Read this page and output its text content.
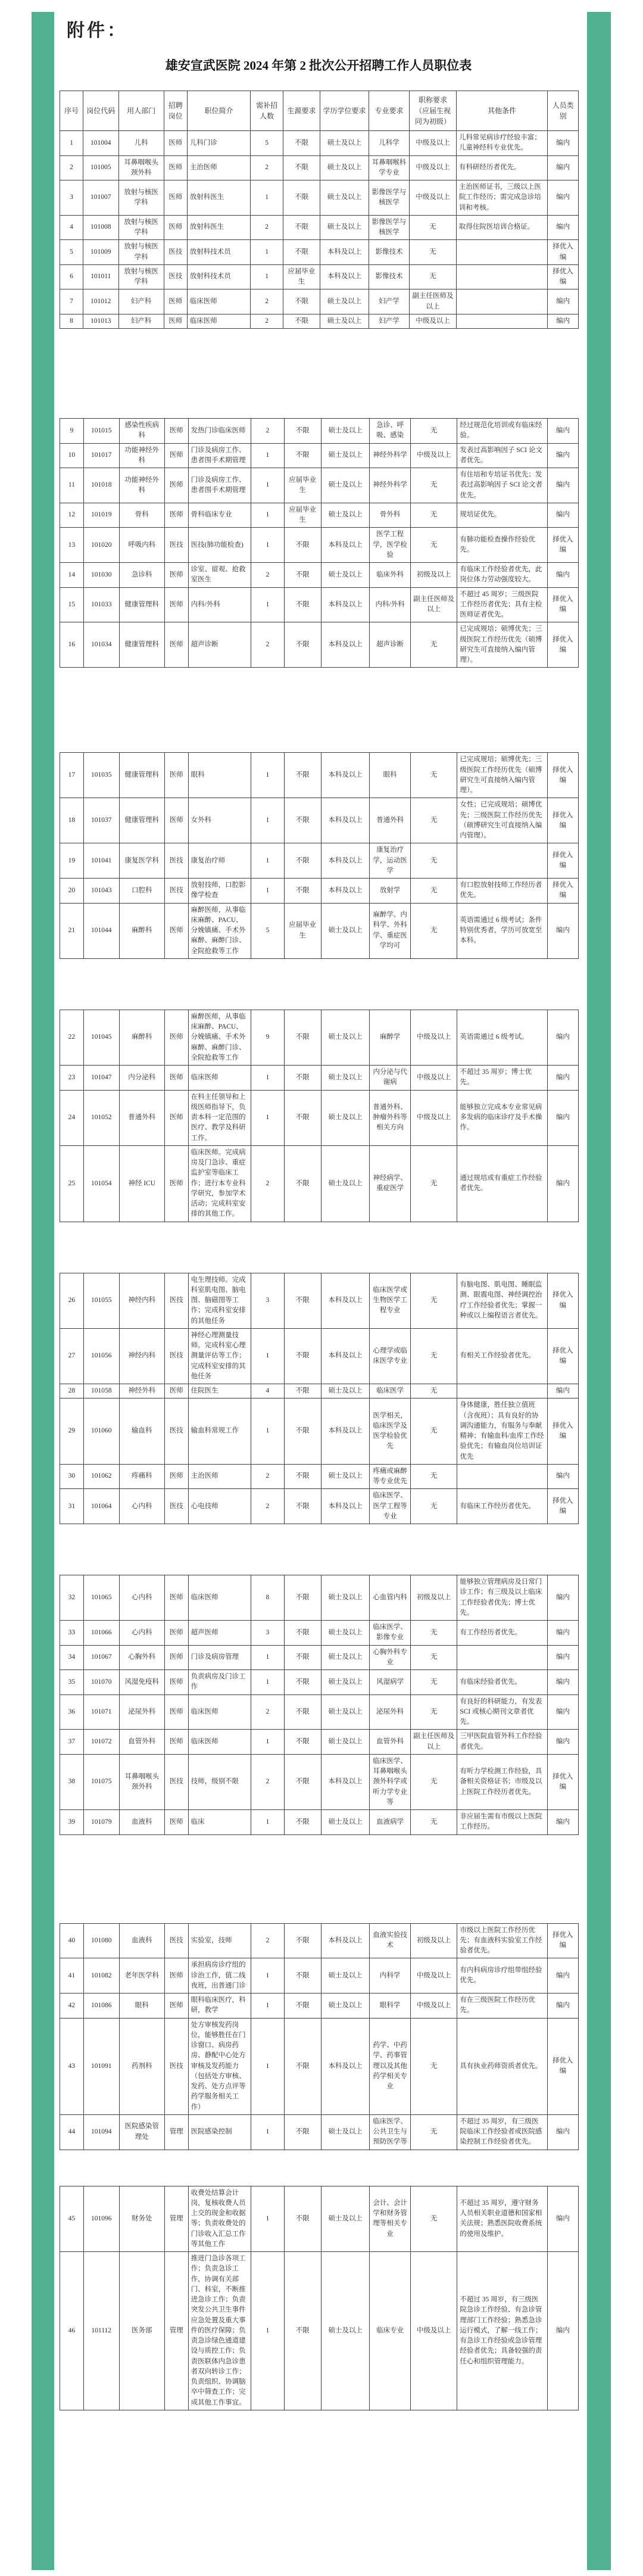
附件：
雄安宣武医院 2024 年第 2 批次公开招聘工作人员职位表
序号	岗位代码	用人部门	招聘岗位	职位简介	需补招人数	生源要求	学历学位要求	专业要求	职称要求（应届生视同为初级）	其他条件	人员类别
1	101004	儿科	医师	儿科门诊	5	不限	硕士及以上	儿科学	中级及以上	儿科常见病诊疗经验丰富；儿童神经科专业优先。	编内
2	101005	耳鼻咽喉头颈外科	医师	主治医师	2	不限	硕士及以上	耳鼻咽喉科学专业	中级及以上	有科研经历者优先。	编内
3	101007	放射与核医学科	医师	放射科医生	1	不限	硕士及以上	影像医学与核医学	中级及以上	主治医师证书，三级以上医院工作经历；需完成急诊培训和考核。	编内
4	101008	放射与核医学科	医师	放射科医生	2	不限	硕士及以上	影像医学与核医学	无	取得住院医培训合格证。	编内
5	101009	放射与核医学科	医技	放射科技术员	1	不限	本科及以上	影像技术	无		择优入编
6	101011	放射与核医学科	医技	放射科技术员	1	应届毕业生	本科及以上	影像技术	无		择优入编
7	101012	妇产科	医师	临床医师	2	不限	硕士及以上	妇产学	副主任医师及以上		编内
8	101013	妇产科	医师	临床医师	2	不限	硕士及以上	妇产学	中级及以上		编内
9	101015	感染性疾病科	医师	发热门诊临床医师	2	不限	硕士及以上	急诊、呼吸、感染	无	经过规范化培训或有临床经验。	编内
10	101017	功能神经外科	医师	门诊及病房工作、患者围手术期管理	1	不限	硕士及以上	神经外科学	中级及以上	发表过高影响因子 SCI 论文者优先。	编内
11	101018	功能神经外科	医师	门诊及病房工作、患者围手术期管理	1	应届毕业生	硕士及以上	神经外科学	无	有住培和专培证书优先；发表过高影响因子 SCI 论文者优先。	编内
12	101019	骨科	医师	骨科临床专业	1	应届毕业生	硕士及以上	骨外科	无	规培证优先。	编内
13	101020	呼吸内科	医技	医技(肺功能检查)	1	不限	本科及以上	医学工程学，医学检验	无	有肺功能检查操作经验优先。	择优入编
14	101030	急诊科	医师	诊室、留观、抢救室医生	2	不限	硕士及以上	临床外科	初级及以上	有临床工作经验者优先，此岗位体力劳动强度较大。	编内
15	101033	健康管理科	医师	内科/外科	1	不限	本科及以上	内科/外科	副主任医师及以上	不超过 45 周岁；三级医院工作经历者优先；具有主检医师证者优先。	择优入编
16	101034	健康管理科	医师	超声诊断	2	不限	本科及以上	超声诊断	无	已完成规培；硕博优先；三级医院工作经历优先（硕博研究生可直接纳入编内管理）。	择优入编
17	101035	健康管理科	医师	眼科	1	不限	本科及以上	眼科	无	已完成规培；硕博优先；三级医院工作经历优先（硕博研究生可直接纳入编内管理）。	择优入编
18	101037	健康管理科	医师	女外科	1	不限	本科及以上	普通外科	无	女性；已完成规培；硕博优先；三级医院工作经历优先（硕博研究生可直接纳入编内管理）。	择优入编
19	101041	康复医学科	医技	康复治疗师	1	不限	本科及以上	康复治疗学，运动医学	无		择优入编
20	101043	口腔科	医技	放射技师，口腔影像学检查	1	不限	本科及以上	放射学	无	有口腔放射技师工作经历者优先。	择优入编
21	101044	麻醉科	医师	麻醉医师，从事临床麻醉、PACU、分娩镇痛、手术外麻醉、麻醉门诊、全院抢救等工作	5	应届毕业生	硕士及以上	麻醉学、内科学、外科学、重症医学均可	无	英语需通过 6 级考试；条件特别优秀者，学历可放宽至本科。	编内
22	101045	麻醉科	医师	麻醉医师，从事临床麻醉、PACU、分娩镇痛、手术外麻醉、麻醉门诊、全院抢救等工作	9	不限	硕士及以上	麻醉学	中级及以上	英语需通过 6 级考试。	编内
23	101047	内分泌科	医师	临床医师	1	不限	硕士及以上	内分泌与代谢病	中级及以上	不超过 35 周岁；博士优先。	编内
24	101052	普通外科	医师	在科主任领导和上级医师指导下，负责本科一定范围的医疗、教学及科研工作。	1	不限	硕士及以上	普通外科、肿瘤外科等相关方向	中级及以上	能够独立完成本专业常见病多发病的临床诊疗及手术操作。	编内
25	101054	神经 ICU	医师	临床医师。完成病房及门急诊、重症监护室等临床工作；进行本专业科学研究，参加学术活动；完成科室安排的其他工作。	2	不限	硕士及以上	神经病学、重症医学	无	通过规培或有重症工作经验者优先。	编内
26	101055	神经内科	医技	电生理技师。完成科室肌电图、脑电图、脑磁图等工作；完成科室安排的其他任务	3	不限	本科及以上	临床医学或生物医学工程专业	无	有脑电图、肌电图、睡眠监测、眼震电图、神经调控治疗工作经验者优先；掌握一种或以上编程语言者优先。	择优入编
27	101056	神经内科	医技	神经心理测量技师。完成科室心理测量评估等工作；完成科室安排的其他任务	1	不限	本科及以上	心理学或临床医学专业	无	有相关工作经验者优先。	择优入编
28	101058	神经外科	医师	住院医生	4	不限	硕士及以上	临床医学	无		编内
29	101060	输血科	医技	输血科常规工作	1	不限	本科及以上	医学相关，临床医学及医学检验优先	无	身体健康，胜任独立值班（含夜班）；具有良好的协调沟通能力，有服务与奉献精神；有输血科/血库工作经验优先；有输血岗位培训证优先	择优入编
30	101062	疼痛科	医师	主治医师	2	不限	硕士及以上	疼痛或麻醉等专业优先	无		编内
31	101064	心内科	医技	心电技师	2	不限	本科及以上	临床医学、医学工程等专业	无	有临床工作经历者优先。	择优入编
32	101065	心内科	医师	临床医师	8	不限	硕士及以上	心血管内科	初级及以上	能够独立管理病房及日常门诊工作；有三级及以上临床工作经验者优先；博士优先。	编内
33	101066	心内科	医师	超声医师	3	不限	硕士及以上	临床医学、影像专业	无	有工作经历者优先。	编内
34	101067	心胸外科	医师	门诊及病房管理	1	不限	硕士及以上	心胸外科专业	无		编内
35	101070	风湿免疫科	医师	负责病房及门诊工作	1	不限	硕士及以上	风湿病学	无	有临床经验者优先。	编内
36	101071	泌尿外科	医师	临床医师	2	不限	硕士及以上	泌尿外科	无	有良好的科研能力，有发表 SCI 或核心期刊文章者优先。	编内
37	101072	血管外科	医师	临床医师	1	不限	硕士及以上	血管外科	副主任医师及以上	三甲医院血管外科工作经验者优先。	编内
38	101075	耳鼻咽喉头颈外科	医技	技师，级别不限	2	不限	本科及以上	临床医学、耳鼻咽喉头颈外科学或听力学专业等	无	有听力学检测工作经验，具备相关资格证书；市级及以上医院工作经历者优先。	择优入编
39	101079	血液科	医师	临床	1	不限	硕士及以上	血液病学	无	非应届生需有市级以上医院工作经历。	编内
40	101080	血液科	医技	实验室，技师	2	不限	本科及以上	血液实验技术	初级及以上	市级以上医院工作经历优先；有血液科实验室工作经验者优先。	择优入编
41	101082	老年医学科	医师	承担病房诊疗组的诊治工作，值二线夜班，出普通门诊	1	不限	硕士及以上	内科学	中级及以上	有内科病房诊疗组带组经验优先。	编内
42	101086	眼科	医师	眼科临床医疗，科研，教学	1	不限	硕士及以上	眼科学	中级及以上	有在三级医院工作经历优先。	编内
43	101091	药剂科	医技	处方审核发药岗位，能够胜任在门诊窗口、病房药房、静配中心处方审核及发药能力（包括处方审核、发药、处方点评等药学服务相关工作）	1	不限	本科及以上	药学、中药学、药事管理以及其他药学相关专业	无	具有执业药师资质者优先。	择优入编
44	101094	医院感染管理处	管理	医院感染控制	1	不限	硕士及以上	临床医学、公共卫生与预防医学等	无	不超过 35 周岁，有三级医院临床工作经验者或医院感染控制工作经验者优先。	编内
45	101096	财务处	管理	收费处结算会计岗，复核收费人员上交的现金和收据等；负责收费处的门诊收入汇总工作等其他工作	1	不限	硕士及以上	会计、会计学和财务管理等相关专业	无	不超过 35 周岁，遵守财务人员相关职业道德和国家相关法规；熟悉医院收费系统的使用及维护。	编内
46	101112	医务部	管理	推进门急诊各项工作；负责急诊工作，协调有关部门、科室，不断推进急诊工作；负责突发公共卫生事件应急处置及重大事件的医疗保障；负责急诊绿色通道建设与质控工作；负责医联体内急诊患者双向转诊工作；负责组织、协调脑卒中筛查工作；完成其他工作事宜。	1	不限	硕士及以上	临床专业	中级及以上	不超过 35 周岁，有三级医院急诊工作经验、有急诊管理部门工作经验；熟悉急诊运行模式，了解一线工作；有急诊工作经验或急诊管理经验者优先；具备较强的责任心和组织管理能力。	编内
